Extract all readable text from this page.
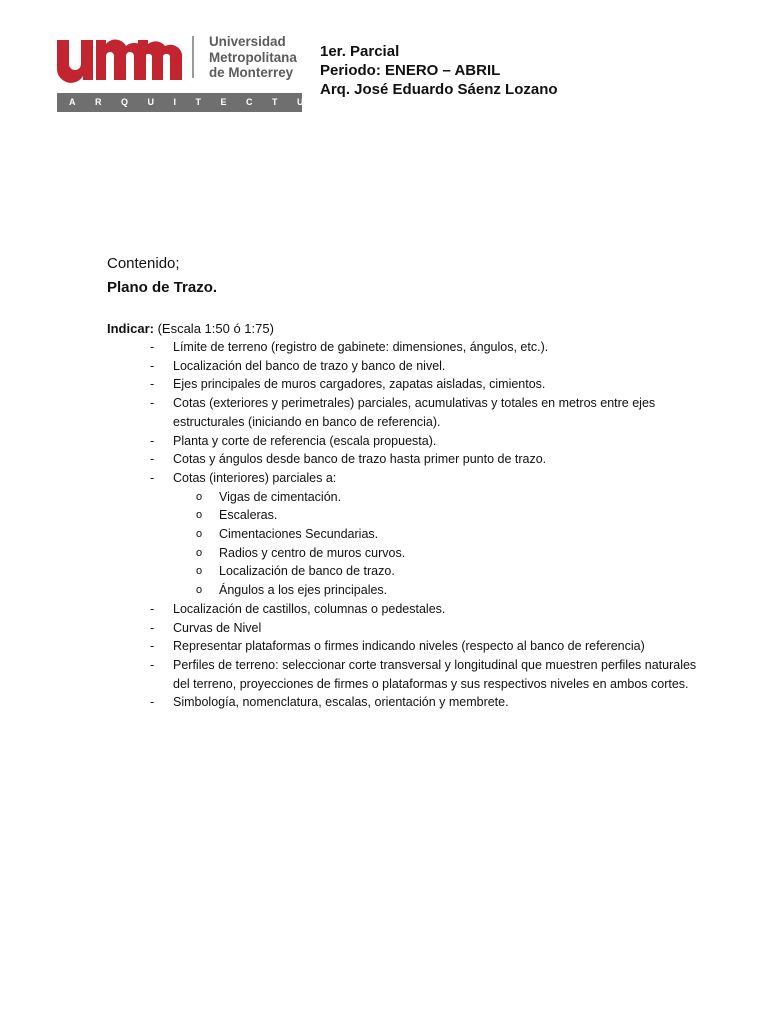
Universidad
Metropolitana
de Monterrey
ARQUITECTURA
1er. Parcial
Periodo: ENERO – ABRIL
Arq. José Eduardo Sáenz Lozano

Contenido;

Plano de Trazo.

Indicar: (Escala 1:50 ó 1:75)

- Límite de terreno (registro de gabinete: dimensiones, ángulos, etc.).
- Localización del banco de trazo y banco de nivel.
- Ejes principales de muros cargadores, zapatas aisladas, cimientos.
- Cotas (exteriores y perimetrales) parciales, acumulativas y totales en metros entre ejes estructurales (iniciando en banco de referencia).
- Planta y corte de referencia (escala propuesta).
- Cotas y ángulos desde banco de trazo hasta primer punto de trazo.
- Cotas (interiores) parciales a:
o Vigas de cimentación.
o Escaleras.
o Cimentaciones Secundarias.
o Radios y centro de muros curvos.
o Localización de banco de trazo.
o Ángulos a los ejes principales.
- Localización de castillos, columnas o pedestales.
- Curvas de Nivel
- Representar plataformas o firmes indicando niveles (respecto al banco de referencia)
- Perfiles de terreno: seleccionar corte transversal y longitudinal que muestren perfiles naturales del terreno, proyecciones de firmes o plataformas y sus respectivos niveles en ambos cortes.
- Simbología, nomenclatura, escalas, orientación y membrete.
